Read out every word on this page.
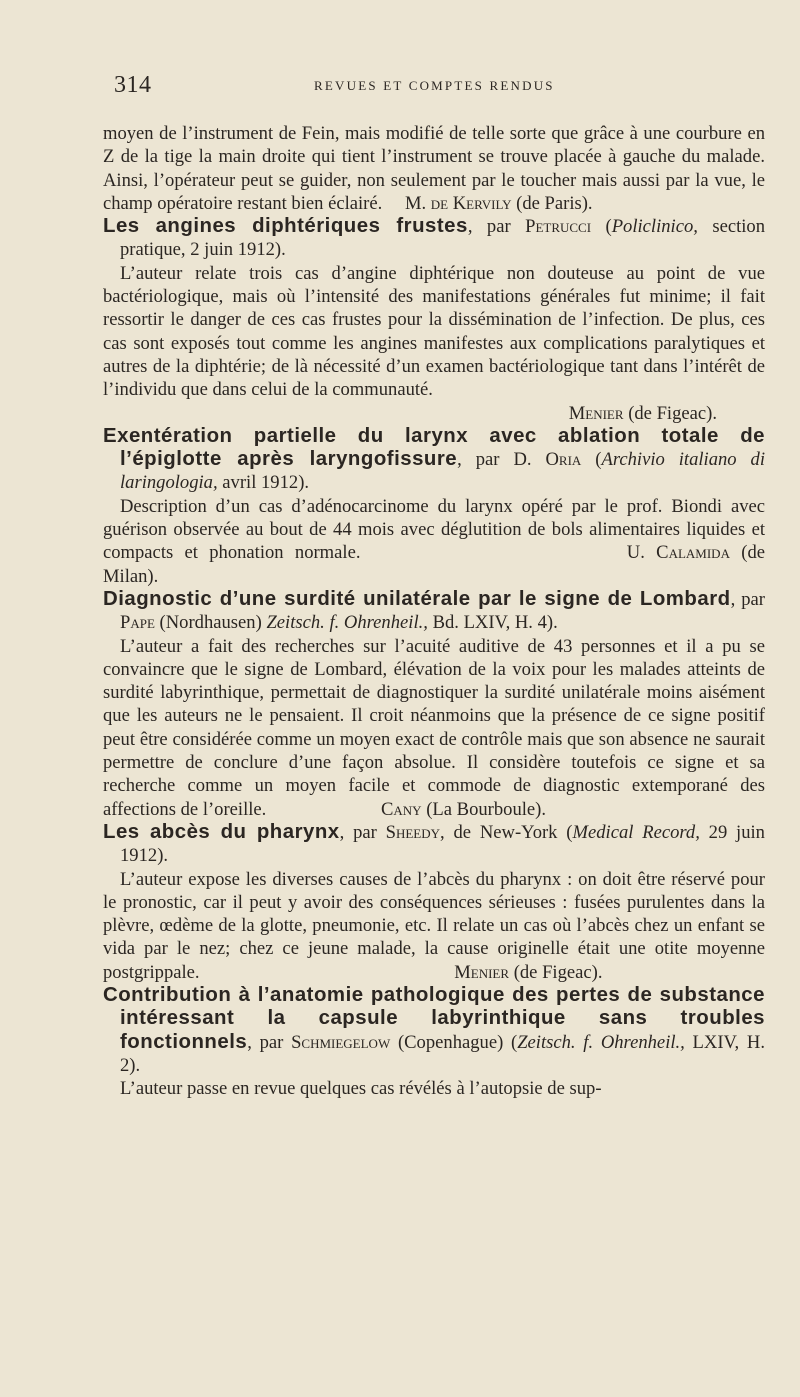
314	REVUES ET COMPTES RENDUS

moyen de l’instrument de Fein, mais modifié de telle sorte que grâce à une courbure en Z de la tige la main droite qui tient l’instrument se trouve placée à gauche du malade. Ainsi, l’opérateur peut se guider, non seulement par le toucher mais aussi par la vue, le champ opératoire restant bien éclairé. M. de Kervily (de Paris).

Les angines diphtériques frustes, par Petrucci (Policlinico, section pratique, 2 juin 1912).

L’auteur relate trois cas d’angine diphtérique non douteuse au point de vue bactériologique, mais où l’intensité des manifestations générales fut minime; il fait ressortir le danger de ces cas frustes pour la dissémination de l’infection. De plus, ces cas sont exposés tout comme les angines manifestes aux complications paralytiques et autres de la diphtérie; de là nécessité d’un examen bactériologique tant dans l’intérêt de l’individu que dans celui de la communauté.

Menier (de Figeac).

Exentération partielle du larynx avec ablation totale de l’épiglotte après laryngofissure, par D. Oria (Archivio italiano di laringologia, avril 1912).

Description d’un cas d’adénocarcinome du larynx opéré par le prof. Biondi avec guérison observée au bout de 44 mois avec déglutition de bols alimentaires liquides et compacts et phonation normale.	U. Calamida (de Milan).

Diagnostic d’une surdité unilatérale par le signe de Lombard, par Pape (Nordhausen) Zeitsch. f. Ohrenheil., Bd. LXIV, H. 4).

L’auteur a fait des recherches sur l’acuité auditive de 43 personnes et il a pu se convaincre que le signe de Lombard, élévation de la voix pour les malades atteints de surdité labyrinthique, permettait de diagnostiquer la surdité unilatérale moins aisément que les auteurs ne le pensaient. Il croit néanmoins que la présence de ce signe positif peut être considérée comme un moyen exact de contrôle mais que son absence ne saurait permettre de conclure d’une façon absolue. Il considère toutefois ce signe et sa recherche comme un moyen facile et commode de diagnostic extemporané des affections de l’oreille.	Cany (La Bourboule).

Les abcès du pharynx, par Sheedy, de New-York (Medical Record, 29 juin 1912).

L’auteur expose les diverses causes de l’abcès du pharynx : on doit être réservé pour le pronostic, car il peut y avoir des conséquences sérieuses : fusées purulentes dans la plèvre, œdème de la glotte, pneumonie, etc. Il relate un cas où l’abcès chez un enfant se vida par le nez; chez ce jeune malade, la cause originelle était une otite moyenne postgrippale.	Menier (de Figeac).

Contribution à l’anatomie pathologique des pertes de substance intéressant la capsule labyrinthique sans troubles fonctionnels, par Schmiegelow (Copenhague) (Zeitsch. f. Ohrenheil., LXIV, H. 2).

L’auteur passe en revue quelques cas révélés à l’autopsie de sup-
